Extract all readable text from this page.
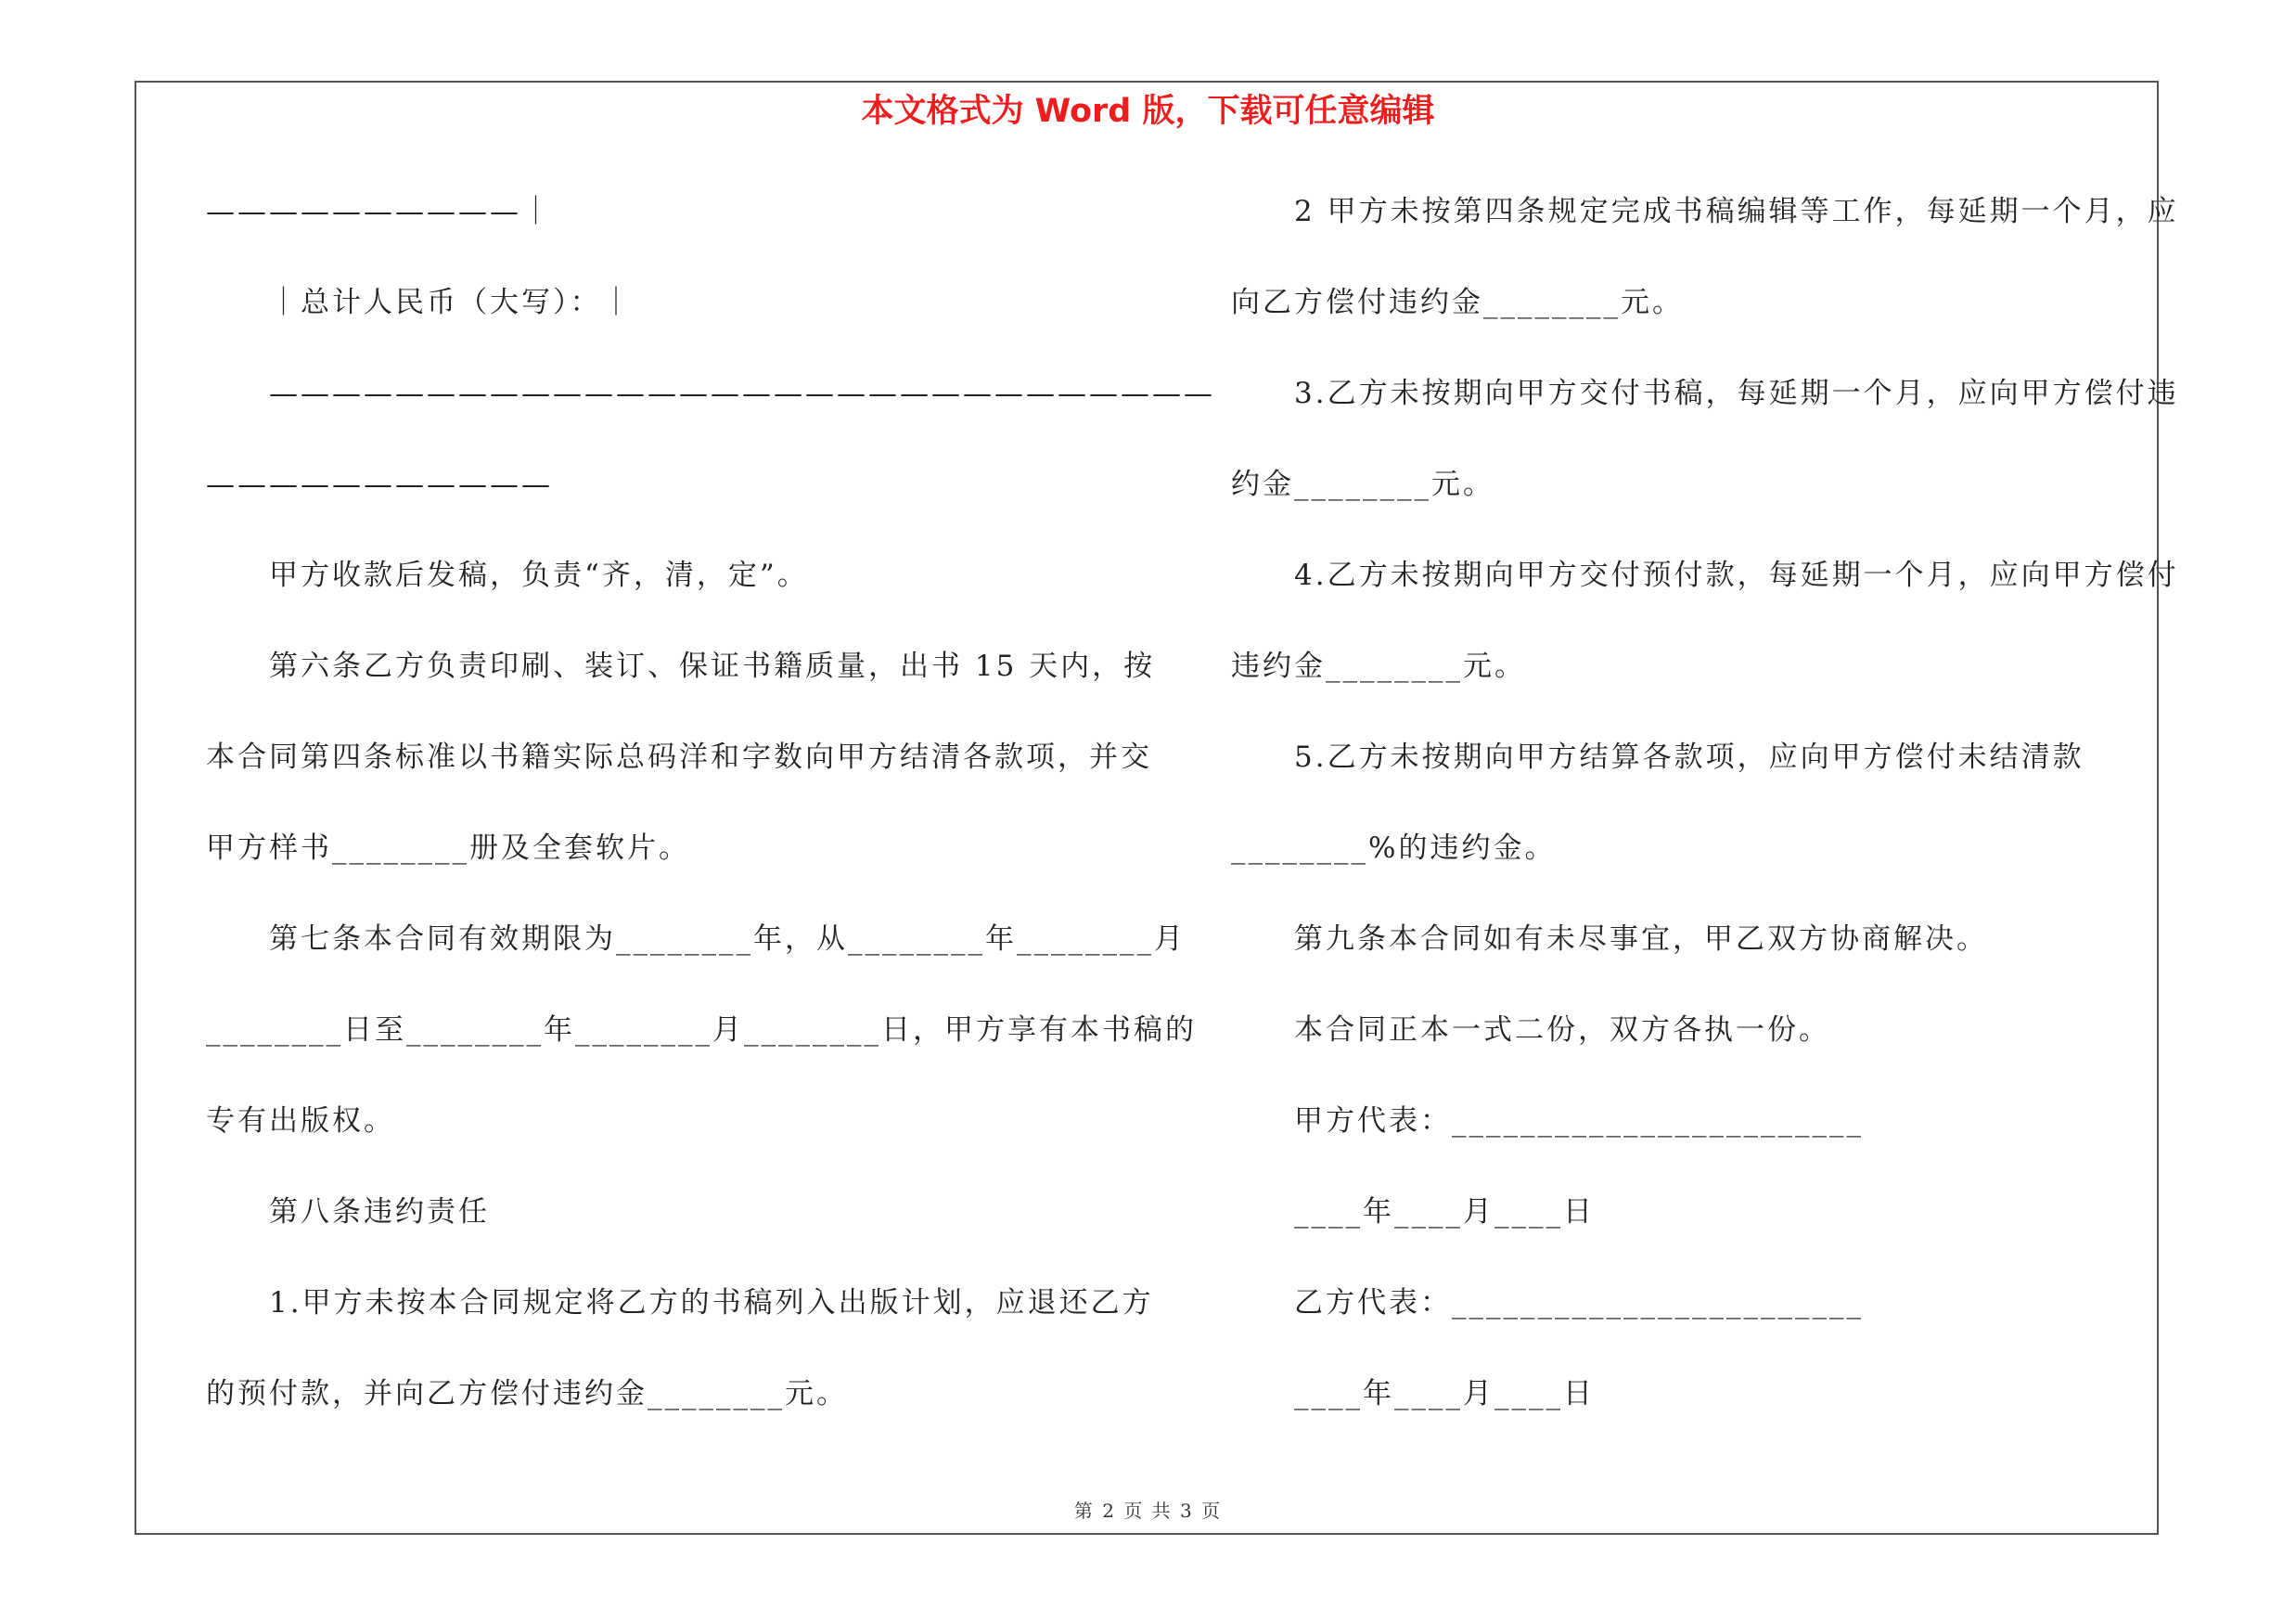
本文格式为 Word 版，下载可任意编辑
——————————｜
｜总计人民币（大写）：｜
——————————————————————————————
———————————
甲方收款后发稿，负责“齐，清，定”。
第六条乙方负责印刷、装订、保证书籍质量，出书 15 天内，按
本合同第四条标准以书籍实际总码洋和字数向甲方结清各款项，并交
甲方样书________册及全套软片。
第七条本合同有效期限为________年，从________年________月
________日至________年________月________日，甲方享有本书稿的
专有出版权。
第八条违约责任
1.甲方未按本合同规定将乙方的书稿列入出版计划，应退还乙方
的预付款，并向乙方偿付违约金________元。
2 甲方未按第四条规定完成书稿编辑等工作，每延期一个月，应
向乙方偿付违约金________元。
3.乙方未按期向甲方交付书稿，每延期一个月，应向甲方偿付违
约金________元。
4.乙方未按期向甲方交付预付款，每延期一个月，应向甲方偿付
违约金________元。
5.乙方未按期向甲方结算各款项，应向甲方偿付未结清款
________%的违约金。
第九条本合同如有未尽事宜，甲乙双方协商解决。
本合同正本一式二份，双方各执一份。
甲方代表：________________________
____年____月____日
乙方代表：________________________
____年____月____日
第 2 页 共 3 页
